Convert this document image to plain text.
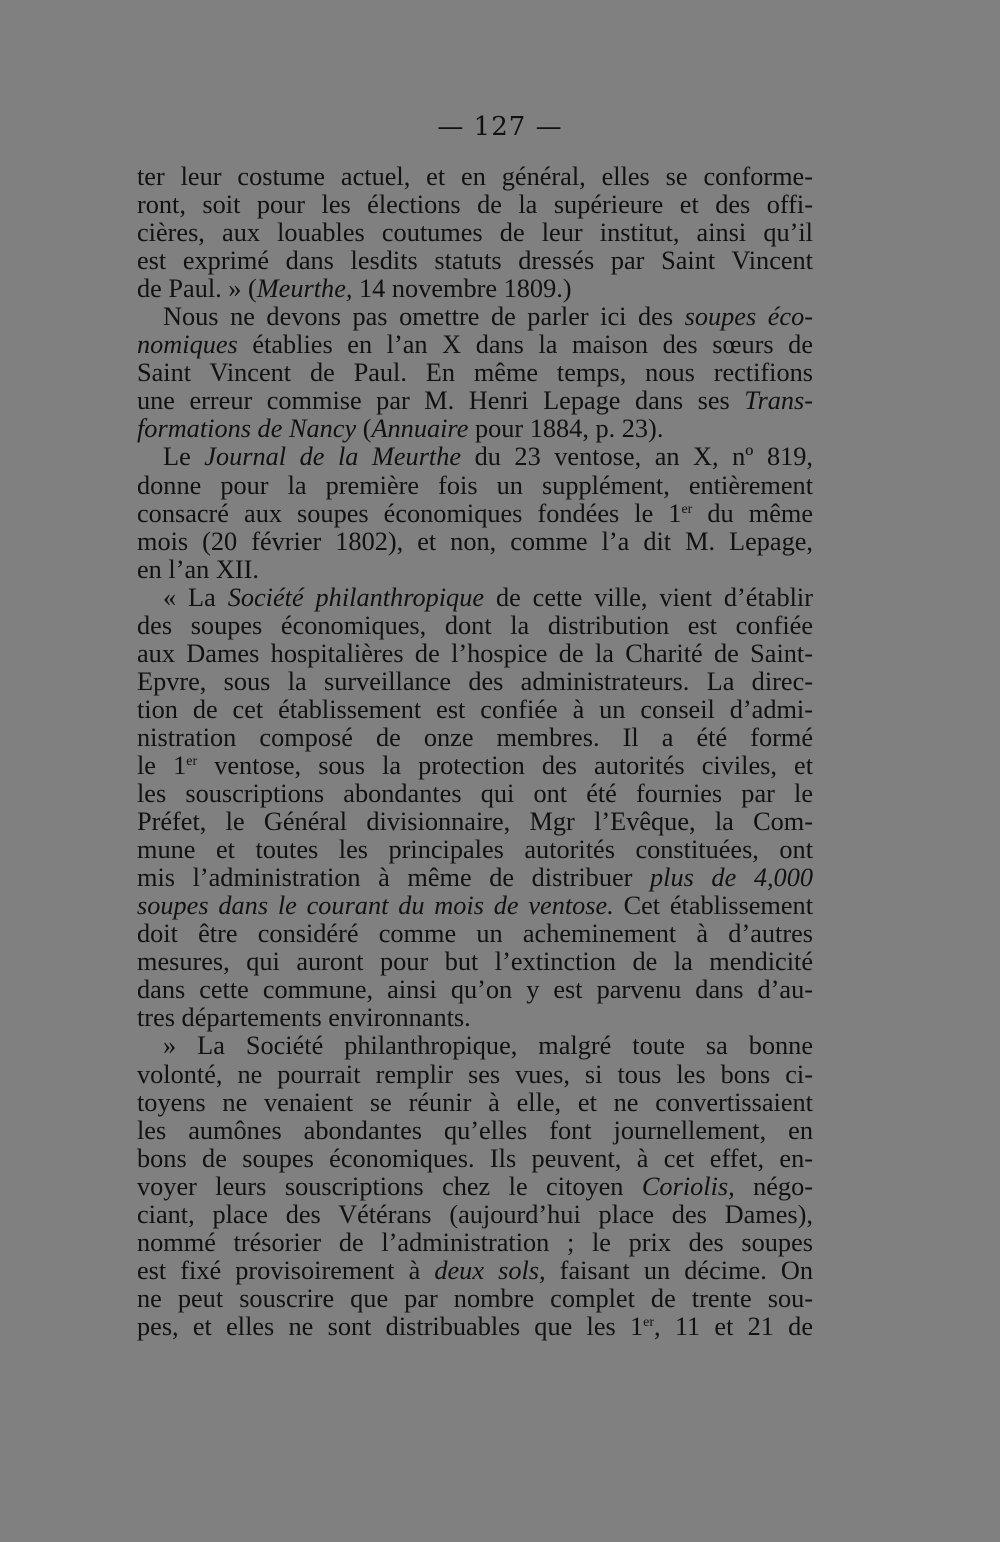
— 127 —
ter leur costume actuel, et en général, elles se conforme-
ront, soit pour les élections de la supérieure et des offi-
cières, aux louables coutumes de leur institut, ainsi qu’il
est exprimé dans lesdits statuts dressés par Saint Vincent
de Paul. » (Meurthe, 14 novembre 1809.)
Nous ne devons pas omettre de parler ici des soupes éco-
nomiques établies en l’an X dans la maison des sœurs de
Saint Vincent de Paul. En même temps, nous rectifions
une erreur commise par M. Henri Lepage dans ses Trans-
formations de Nancy (Annuaire pour 1884, p. 23).
Le Journal de la Meurthe du 23 ventose, an X, nº 819,
donne pour la première fois un supplément, entièrement
consacré aux soupes économiques fondées le 1er du même
mois (20 février 1802), et non, comme l’a dit M. Lepage,
en l’an XII.
« La Société philanthropique de cette ville, vient d’établir
des soupes économiques, dont la distribution est confiée
aux Dames hospitalières de l’hospice de la Charité de Saint-
Epvre, sous la surveillance des administrateurs. La direc-
tion de cet établissement est confiée à un conseil d’admi-
nistration composé de onze membres. Il a été formé
le 1er ventose, sous la protection des autorités civiles, et
les souscriptions abondantes qui ont été fournies par le
Préfet, le Général divisionnaire, Mgr l’Evêque, la Com-
mune et toutes les principales autorités constituées, ont
mis l’administration à même de distribuer plus de 4,000
soupes dans le courant du mois de ventose. Cet établissement
doit être considéré comme un acheminement à d’autres
mesures, qui auront pour but l’extinction de la mendicité
dans cette commune, ainsi qu’on y est parvenu dans d’au-
tres départements environnants.
» La Société philanthropique, malgré toute sa bonne
volonté, ne pourrait remplir ses vues, si tous les bons ci-
toyens ne venaient se réunir à elle, et ne convertissaient
les aumônes abondantes qu’elles font journellement, en
bons de soupes économiques. Ils peuvent, à cet effet, en-
voyer leurs souscriptions chez le citoyen Coriolis, négo-
ciant, place des Vétérans (aujourd’hui place des Dames),
nommé trésorier de l’administration ; le prix des soupes
est fixé provisoirement à deux sols, faisant un décime. On
ne peut souscrire que par nombre complet de trente sou-
pes, et elles ne sont distribuables que les 1er, 11 et 21 de
